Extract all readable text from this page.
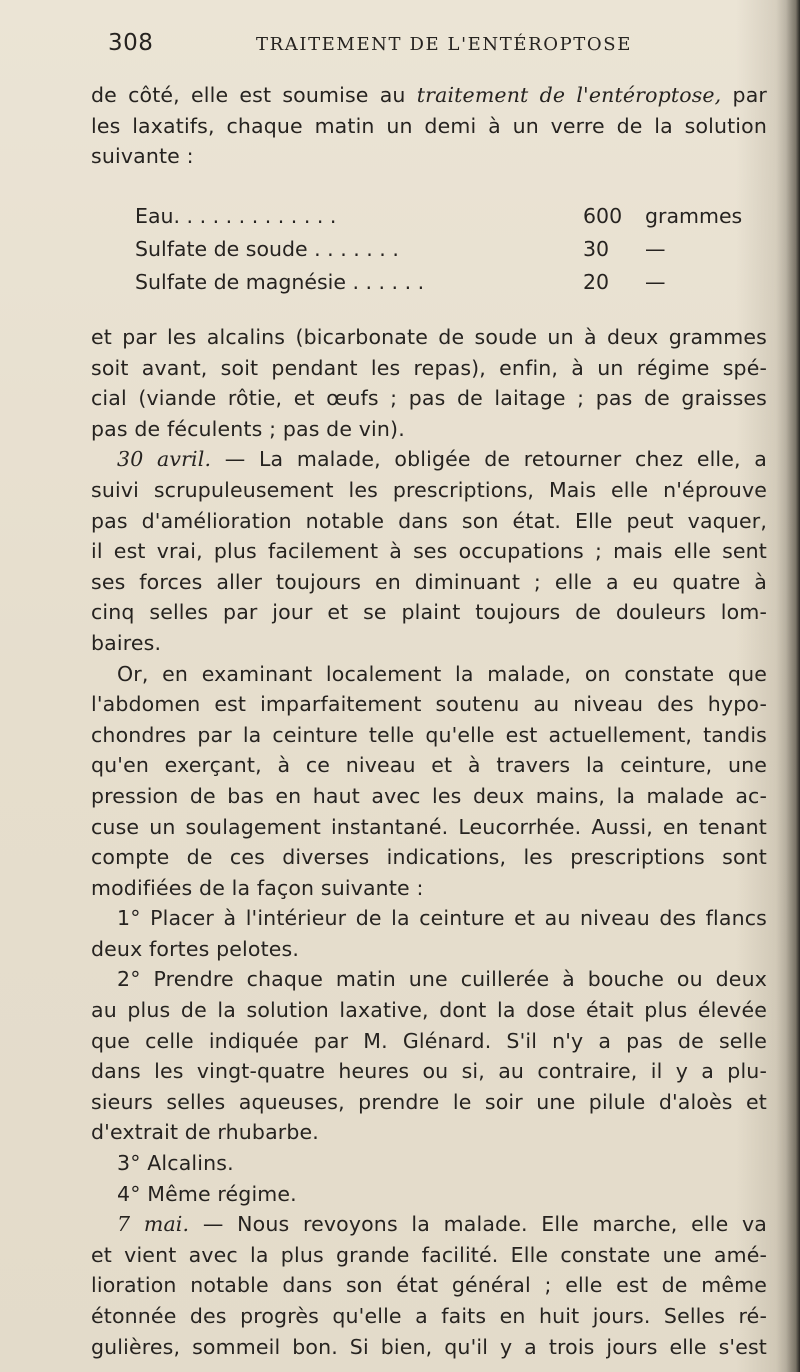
308	TRAITEMENT DE L'ENTÉROPTOSE

de côté, elle est soumise au traitement de l'entéroptose, par

les laxatifs, chaque matin un demi à un verre de la solution

suivante :

Eau. . . . . . . . . . . . .	600 grammes
Sulfate de soude . . . . . . .	30 —
Sulfate de magnésie . . . . . .	20 —

et par les alcalins (bicarbonate de soude un à deux grammes

soit avant, soit pendant les repas), enfin, à un régime spé-

cial (viande rôtie, et œufs ; pas de laitage ; pas de graisses

pas de féculents ; pas de vin).

30 avril. — La malade, obligée de retourner chez elle, a

suivi scrupuleusement les prescriptions, Mais elle n'éprouve

pas d'amélioration notable dans son état. Elle peut vaquer,

il est vrai, plus facilement à ses occupations ; mais elle sent

ses forces aller toujours en diminuant ; elle a eu quatre à

cinq selles par jour et se plaint toujours de douleurs lom-

baires.

Or, en examinant localement la malade, on constate que

l'abdomen est imparfaitement soutenu au niveau des hypo-

chondres par la ceinture telle qu'elle est actuellement, tandis

qu'en exerçant, à ce niveau et à travers la ceinture, une

pression de bas en haut avec les deux mains, la malade ac-

cuse un soulagement instantané. Leucorrhée. Aussi, en tenant

compte de ces diverses indications, les prescriptions sont

modifiées de la façon suivante :

1° Placer à l'intérieur de la ceinture et au niveau des flancs

deux fortes pelotes.

2° Prendre chaque matin une cuillerée à bouche ou deux

au plus de la solution laxative, dont la dose était plus élevée

que celle indiquée par M. Glénard. S'il n'y a pas de selle

dans les vingt-quatre heures ou si, au contraire, il y a plu-

sieurs selles aqueuses, prendre le soir une pilule d'aloès et

d'extrait de rhubarbe.

3° Alcalins.

4° Même régime.

7 mai. — Nous revoyons la malade. Elle marche, elle va

et vient avec la plus grande facilité. Elle constate une amé-

lioration notable dans son état général ; elle est de même

étonnée des progrès qu'elle a faits en huit jours. Selles ré-

gulières, sommeil bon. Si bien, qu'il y a trois jours elle s'est
